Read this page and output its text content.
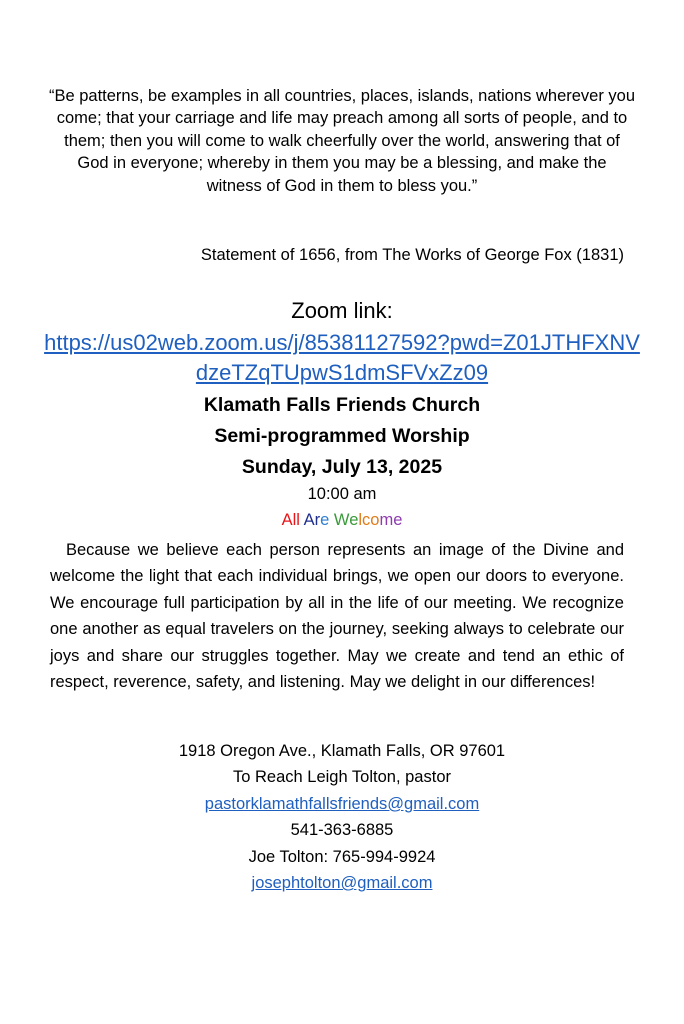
“Be patterns, be examples in all countries, places, islands, nations wherever you come; that your carriage and life may preach among all sorts of people, and to them; then you will come to walk cheerfully over the world, answering that of God in everyone; whereby in them you may be a blessing, and make the witness of God in them to bless you.”
Statement of 1656, from The Works of George Fox (1831)
Zoom link:
https://us02web.zoom.us/j/85381127592?pwd=Z01JTHFXNVdzeTZqTUpwS1dmSFVxZz09
Klamath Falls Friends Church
Semi-programmed Worship
Sunday, July 13, 2025
10:00 am
All Are Welcome
Because we believe each person represents an image of the Divine and welcome the light that each individual brings, we open our doors to everyone. We encourage full participation by all in the life of our meeting. We recognize one another as equal travelers on the journey, seeking always to celebrate our joys and share our struggles together. May we create and tend an ethic of respect, reverence, safety, and listening. May we delight in our differences!
1918 Oregon Ave., Klamath Falls, OR 97601
To Reach Leigh Tolton, pastor
pastorklamathfallsfriends@gmail.com
541-363-6885
Joe Tolton: 765-994-9924
josephtolton@gmail.com
